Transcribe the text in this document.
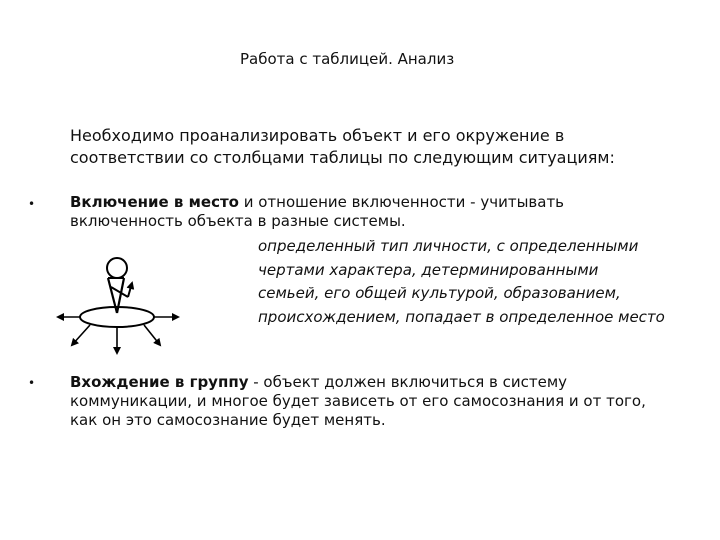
Работа с таблицей. Анализ
Необходимо проанализировать объект и его окружение в
соответствии со столбцами таблицы по следующим ситуациям:
• Включение в место и отношение включенности - учитывать
включенность объекта в разные системы.
определенный тип личности, с определенными
чертами характера, детерминированными
семьей, его общей культурой, образованием,
происхождением, попадает в определенное место
• Вхождение в группу - объект должен включиться в систему
коммуникации, и многое будет зависеть от его самосознания и от того,
как он это самосознание будет менять.
